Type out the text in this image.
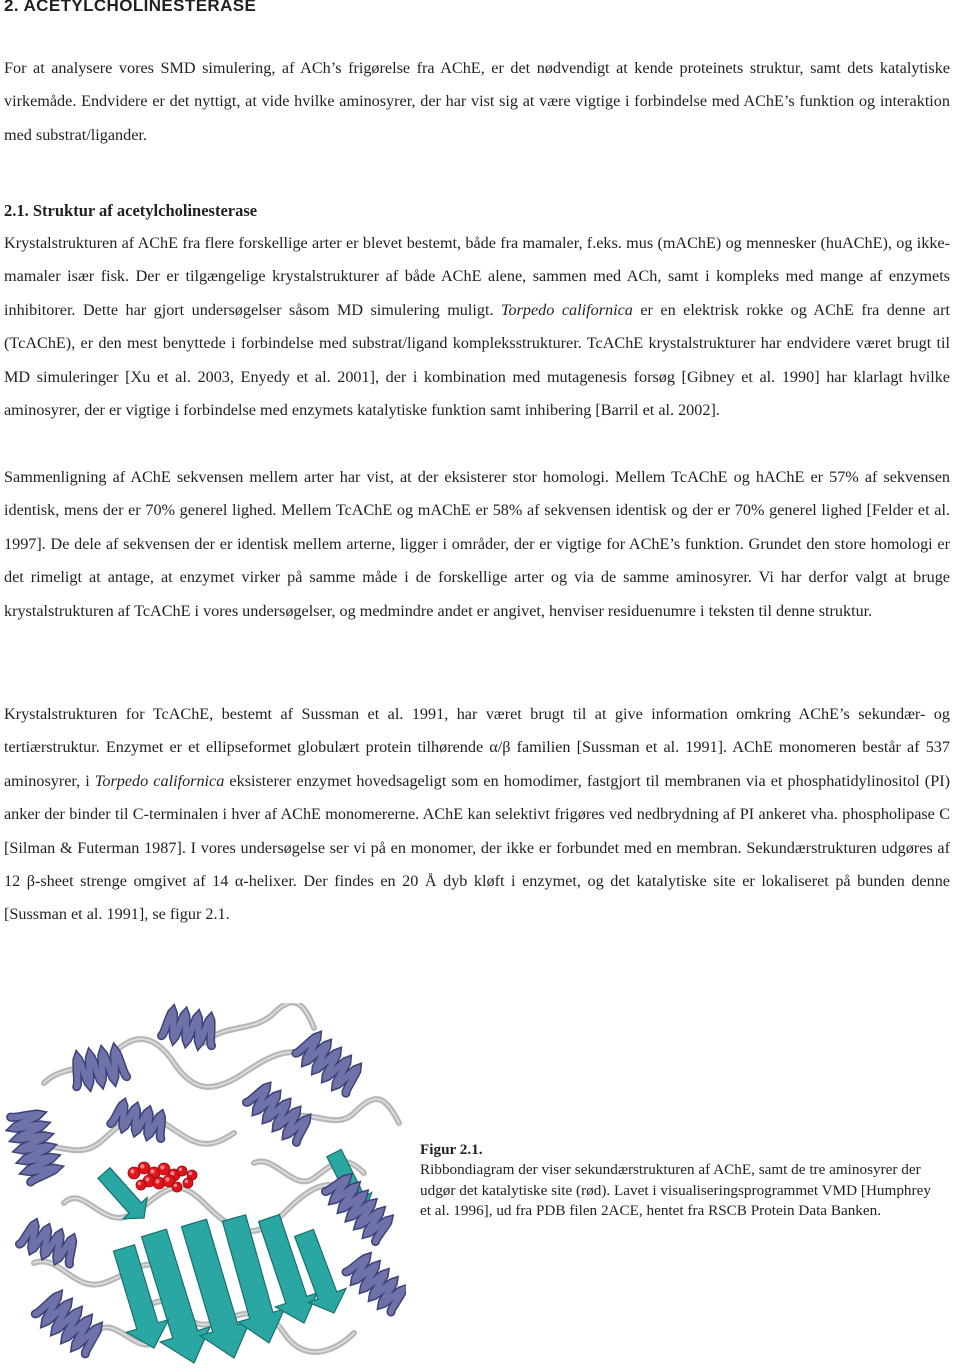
2. ACETYLCHOLINESTERASE

For at analysere vores SMD simulering, af ACh’s frigørelse fra AChE, er det nødvendigt at kende proteinets struktur, samt dets katalytiske virkemåde. Endvidere er det nyttigt, at vide hvilke aminosyrer, der har vist sig at være vigtige i forbindelse med AChE’s funktion og interaktion med substrat/ligander.

2.1. Struktur af acetylcholinesterase

Krystalstrukturen af AChE fra flere forskellige arter er blevet bestemt, både fra mamaler, f.eks. mus (mAChE) og mennesker (huAChE), og ikke-mamaler især fisk. Der er tilgængelige krystalstrukturer af både AChE alene, sammen med ACh, samt i kompleks med mange af enzymets inhibitorer. Dette har gjort undersøgelser såsom MD simulering muligt. Torpedo californica er en elektrisk rokke og AChE fra denne art (TcAChE), er den mest benyttede i forbindelse med substrat/ligand kompleksstrukturer. TcAChE krystalstrukturer har endvidere været brugt til MD simuleringer [Xu et al. 2003, Enyedy et al. 2001], der i kombination med mutagenesis forsøg [Gibney et al. 1990] har klarlagt hvilke aminosyrer, der er vigtige i forbindelse med enzymets katalytiske funktion samt inhibering [Barril et al. 2002].

Sammenligning af AChE sekvensen mellem arter har vist, at der eksisterer stor homologi. Mellem TcAChE og hAChE er 57% af sekvensen identisk, mens der er 70% generel lighed. Mellem TcAChE og mAChE er 58% af sekvensen identisk og der er 70% generel lighed [Felder et al. 1997]. De dele af sekvensen der er identisk mellem arterne, ligger i områder, der er vigtige for AChE’s funktion. Grundet den store homologi er det rimeligt at antage, at enzymet virker på samme måde i de forskellige arter og via de samme aminosyrer. Vi har derfor valgt at bruge krystalstrukturen af TcAChE i vores undersøgelser, og medmindre andet er angivet, henviser residuenumre i teksten til denne struktur.

Krystalstrukturen for TcAChE, bestemt af Sussman et al. 1991, har været brugt til at give information omkring AChE’s sekundær- og tertiærstruktur. Enzymet er et ellipseformet globulært protein tilhørende α/β familien [Sussman et al. 1991]. AChE monomeren består af 537 aminosyrer, i Torpedo californica eksisterer enzymet hovedsageligt som en homodimer, fastgjort til membranen via et phosphatidylinositol (PI) anker der binder til C-terminalen i hver af AChE monomererne. AChE kan selektivt frigøres ved nedbrydning af PI ankeret vha. phospholipase C [Silman & Futerman 1987]. I vores undersøgelse ser vi på en monomer, der ikke er forbundet med en membran. Sekundærstrukturen udgøres af 12 β-sheet strenge omgivet af 14 α-helixer. Der findes en 20 Å dyb kløft i enzymet, og det katalytiske site er lokaliseret på bunden denne [Sussman et al. 1991], se figur 2.1.

Figur 2.1.
Ribbondiagram der viser sekundærstrukturen af AChE, samt de tre aminosyrer der udgør det katalytiske site (rød). Lavet i visualiseringsprogrammet VMD [Humphrey et al. 1996], ud fra PDB filen 2ACE, hentet fra RSCB Protein Data Banken.
